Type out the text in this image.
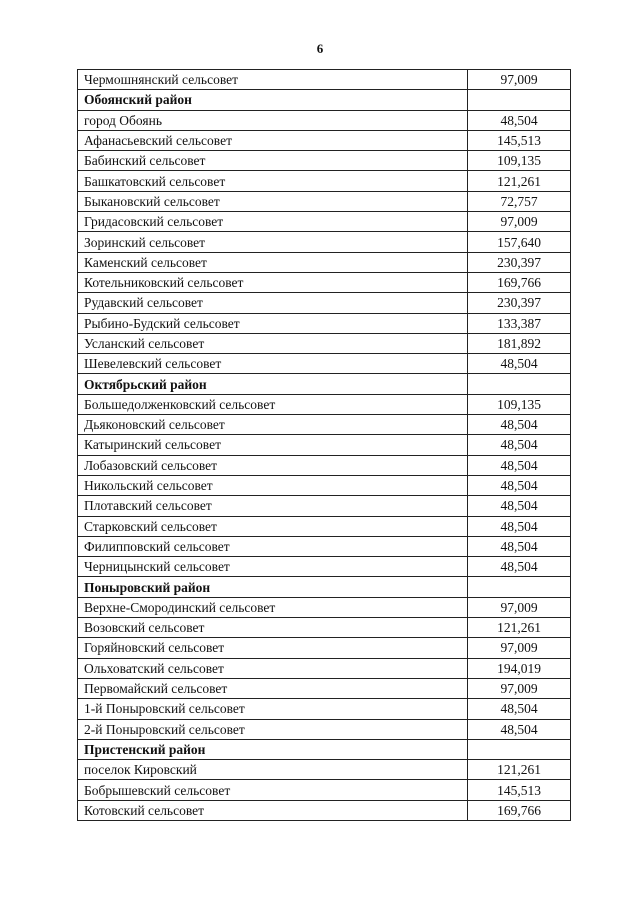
6
Чермошнянский сельсовет	97,009
Обоянский район	
город Обоянь	48,504
Афанасьевский сельсовет	145,513
Бабинский сельсовет	109,135
Башкатовский сельсовет	121,261
Быкановский сельсовет	72,757
Гридасовский сельсовет	97,009
Зоринский сельсовет	157,640
Каменский сельсовет	230,397
Котельниковский сельсовет	169,766
Рудавский сельсовет	230,397
Рыбино-Будский сельсовет	133,387
Усланский сельсовет	181,892
Шевелевский сельсовет	48,504
Октябрьский район	
Большедолженковский сельсовет	109,135
Дьяконовский сельсовет	48,504
Катыринский сельсовет	48,504
Лобазовский сельсовет	48,504
Никольский сельсовет	48,504
Плотавский сельсовет	48,504
Старковский сельсовет	48,504
Филипповский сельсовет	48,504
Черницынский сельсовет	48,504
Поныровский район	
Верхне-Смородинский сельсовет	97,009
Возовский сельсовет	121,261
Горяйновский сельсовет	97,009
Ольховатский сельсовет	194,019
Первомайский сельсовет	97,009
1-й Поныровский сельсовет	48,504
2-й Поныровский сельсовет	48,504
Пристенский район	
поселок Кировский	121,261
Бобрышевский сельсовет	145,513
Котовский сельсовет	169,766
